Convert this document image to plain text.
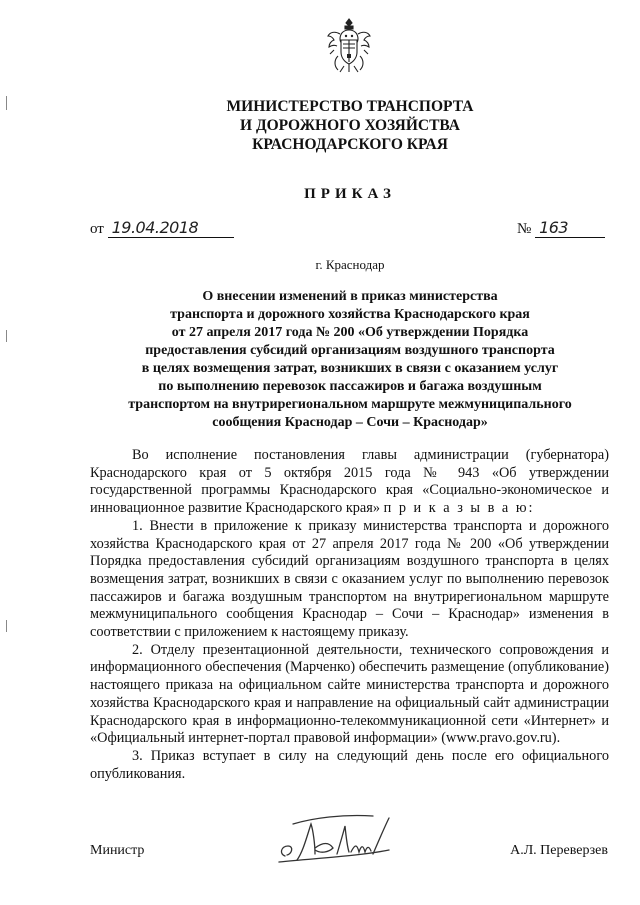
МИНИСТЕРСТВО ТРАНСПОРТА
И ДОРОЖНОГО ХОЗЯЙСТВА
КРАСНОДАРСКОГО КРАЯ
ПРИКАЗ
от 19.04.2018	№ 163
г. Краснодар
О внесении изменений в приказ министерства
транспорта и дорожного хозяйства Краснодарского края
от 27 апреля 2017 года № 200 «Об утверждении Порядка
предоставления субсидий организациям воздушного транспорта
в целях возмещения затрат, возникших в связи с оказанием услуг
по выполнению перевозок пассажиров и багажа воздушным
транспортом на внутрирегиональном маршруте межмуниципального
сообщения Краснодар – Сочи – Краснодар»

Во исполнение постановления главы администрации (губернатора) Краснодарского края от 5 октября 2015 года № 943 «Об утверждении государственной программы Краснодарского края «Социально-экономическое и инновационное развитие Краснодарского края» п р и к а з ы в а ю:

1. Внести в приложение к приказу министерства транспорта и дорожного хозяйства Краснодарского края от 27 апреля 2017 года № 200 «Об утверждении Порядка предоставления субсидий организациям воздушного транспорта в целях возмещения затрат, возникших в связи с оказанием услуг по выполнению перевозок пассажиров и багажа воздушным транспортом на внутрирегиональном маршруте межмуниципального сообщения Краснодар – Сочи – Краснодар» изменения в соответствии с приложением к настоящему приказу.

2. Отделу презентационной деятельности, технического сопровождения и информационного обеспечения (Марченко) обеспечить размещение (опубликование) настоящего приказа на официальном сайте министерства транспорта и дорожного хозяйства Краснодарского края и направление на официальный сайт администрации Краснодарского края в информационно-телекоммуникационной сети «Интернет» и «Официальный интернет-портал правовой информации» (www.pravo.gov.ru).

3. Приказ вступает в силу на следующий день после его официального опубликования.

Министр	А.Л. Переверзев
